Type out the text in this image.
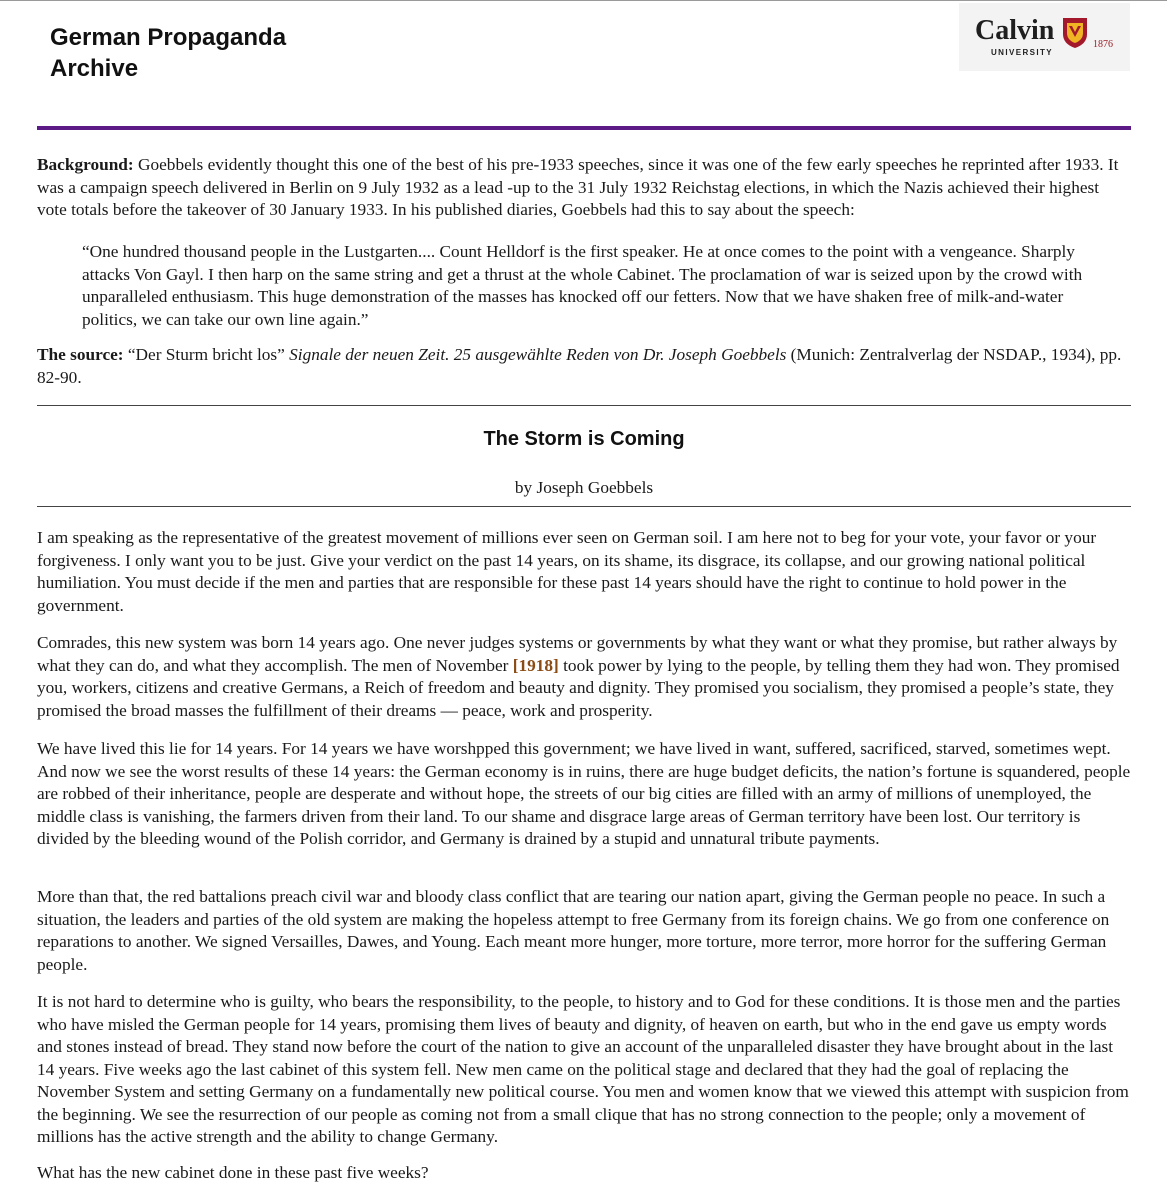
German Propaganda
Archive
Calvin
UNIVERSITY
1876

Background: Goebbels evidently thought this one of the best of his pre-1933 speeches, since it was one of the few early speeches he reprinted after 1933. It was a campaign speech delivered in Berlin on 9 July 1932 as a lead -up to the 31 July 1932 Reichstag elections, in which the Nazis achieved their highest vote totals before the takeover of 30 January 1933. In his published diaries, Goebbels had this to say about the speech:

“One hundred thousand people in the Lustgarten.... Count Helldorf is the first speaker. He at once comes to the point with a vengeance. Sharply attacks Von Gayl. I then harp on the same string and get a thrust at the whole Cabinet. The proclamation of war is seized upon by the crowd with unparalleled enthusiasm. This huge demonstration of the masses has knocked off our fetters. Now that we have shaken free of milk-and-water politics, we can take our own line again.”

The source: “Der Sturm bricht los” Signale der neuen Zeit. 25 ausgewählte Reden von Dr. Joseph Goebbels (Munich: Zentralverlag der NSDAP., 1934), pp. 82-90.

The Storm is Coming
by Joseph Goebbels

I am speaking as the representative of the greatest movement of millions ever seen on German soil. I am here not to beg for your vote, your favor or your forgiveness. I only want you to be just. Give your verdict on the past 14 years, on its shame, its disgrace, its collapse, and our growing national political humiliation. You must decide if the men and parties that are responsible for these past 14 years should have the right to continue to hold power in the government.

Comrades, this new system was born 14 years ago. One never judges systems or governments by what they want or what they promise, but rather always by what they can do, and what they accomplish. The men of November [1918] took power by lying to the people, by telling them they had won. They promised you, workers, citizens and creative Germans, a Reich of freedom and beauty and dignity. They promised you socialism, they promised a people’s state, they promised the broad masses the fulfillment of their dreams — peace, work and prosperity.

We have lived this lie for 14 years. For 14 years we have worshpped this government; we have lived in want, suffered, sacrificed, starved, sometimes wept. And now we see the worst results of these 14 years: the German economy is in ruins, there are huge budget deficits, the nation’s fortune is squandered, people are robbed of their inheritance, people are desperate and without hope, the streets of our big cities are filled with an army of millions of unemployed, the middle class is vanishing, the farmers driven from their land. To our shame and disgrace large areas of German territory have been lost. Our territory is divided by the bleeding wound of the Polish corridor, and Germany is drained by a stupid and unnatural tribute payments.

More than that, the red battalions preach civil war and bloody class conflict that are tearing our nation apart, giving the German people no peace. In such a situation, the leaders and parties of the old system are making the hopeless attempt to free Germany from its foreign chains. We go from one conference on reparations to another. We signed Versailles, Dawes, and Young. Each meant more hunger, more torture, more terror, more horror for the suffering German people.

It is not hard to determine who is guilty, who bears the responsibility, to the people, to history and to God for these conditions. It is those men and the parties who have misled the German people for 14 years, promising them lives of beauty and dignity, of heaven on earth, but who in the end gave us empty words and stones instead of bread. They stand now before the court of the nation to give an account of the unparalleled disaster they have brought about in the last 14 years. Five weeks ago the last cabinet of this system fell. New men came on the political stage and declared that they had the goal of replacing the November System and setting Germany on a fundamentally new political course. You men and women know that we viewed this attempt with suspicion from the beginning. We see the resurrection of our people as coming not from a small clique that has no strong connection to the people; only a movement of millions has the active strength and the ability to change Germany.

What has the new cabinet done in these past five weeks?
